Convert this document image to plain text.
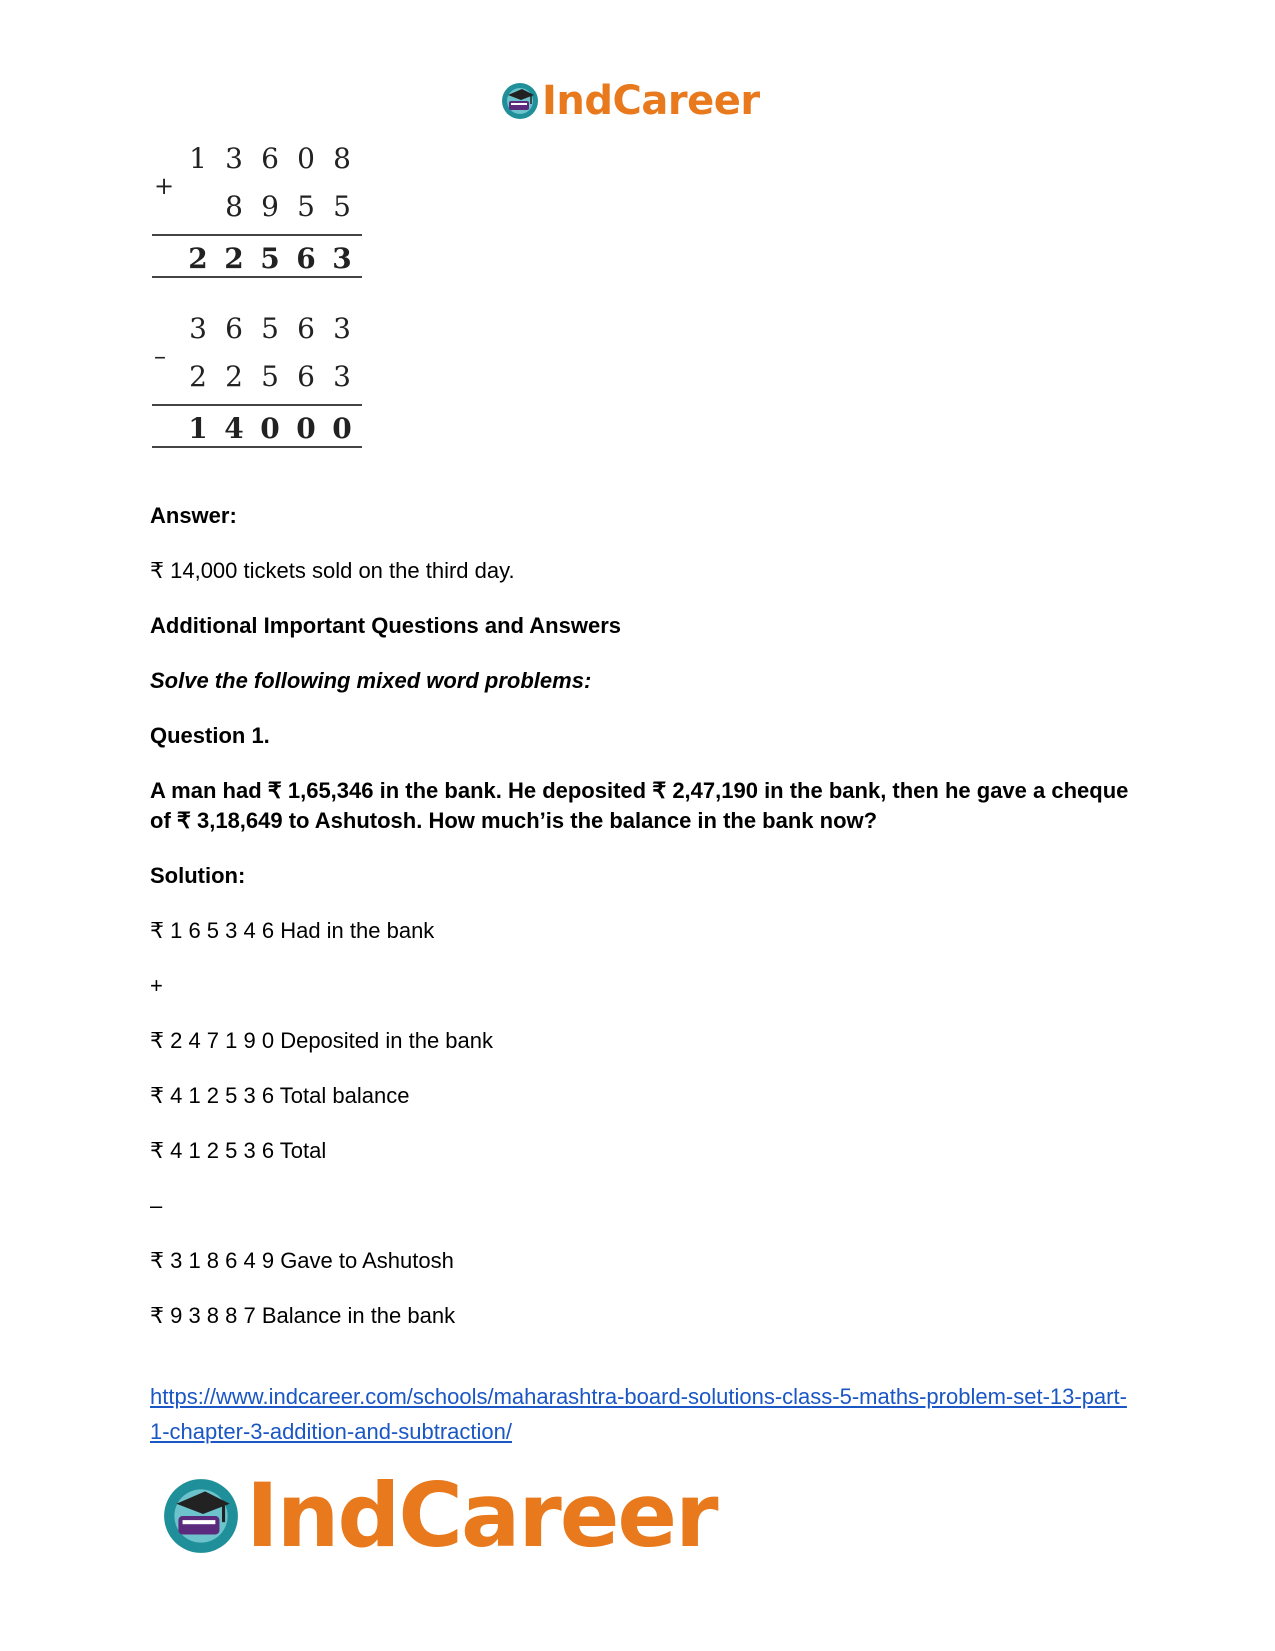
IndCareer
+
1 3 6 0 8
8 9 5 5
2 2 5 6 3
–
3 6 5 6 3
2 2 5 6 3
1 4 0 0 0

Answer:

₹ 14,000 tickets sold on the third day.

Additional Important Questions and Answers

Solve the following mixed word problems:

Question 1.

A man had ₹ 1,65,346 in the bank. He deposited ₹ 2,47,190 in the bank, then he gave a cheque of ₹ 3,18,649 to Ashutosh. How much’is the balance in the bank now?

Solution:

₹ 1 6 5 3 4 6 Had in the bank

+

₹ 2 4 7 1 9 0 Deposited in the bank

₹ 4 1 2 5 3 6 Total balance

₹ 4 1 2 5 3 6 Total

–

₹ 3 1 8 6 4 9 Gave to Ashutosh

₹ 9 3 8 8 7 Balance in the bank

https://www.indcareer.com/schools/maharashtra-board-solutions-class-5-maths-problem-set-13-part-1-chapter-3-addition-and-subtraction/

IndCareer
